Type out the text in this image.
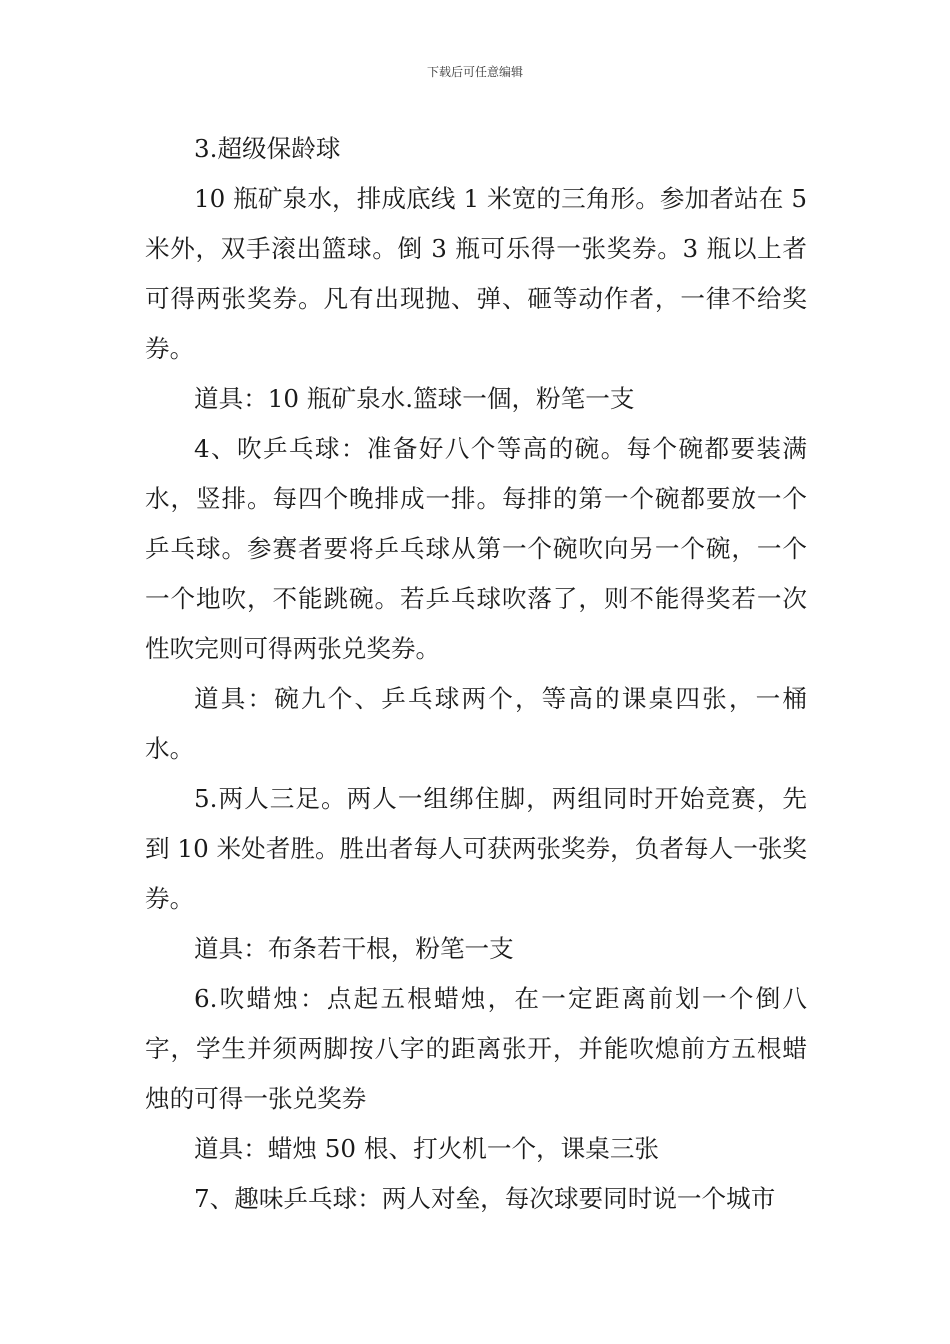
下载后可任意编辑

3.超级保龄球

10 瓶矿泉水，排成底线 1 米宽的三角形。参加者站在 5 米外，双手滚出篮球。倒 3 瓶可乐得一张奖券。3 瓶以上者可得两张奖券。凡有出现抛、弹、砸等动作者，一律不给奖券。

道具：10 瓶矿泉水.篮球一個，粉笔一支

4、吹乒乓球：准备好八个等高的碗。每个碗都要装满水，竖排。每四个晚排成一排。每排的第一个碗都要放一个乒乓球。参赛者要将乒乓球从第一个碗吹向另一个碗，一个一个地吹，不能跳碗。若乒乓球吹落了，则不能得奖若一次性吹完则可得两张兑奖券。

道具：碗九个、乒乓球两个，等高的课桌四张，一桶水。

5.两人三足。两人一组绑住脚，两组同时开始竞赛，先到 10 米处者胜。胜出者每人可获两张奖券，负者每人一张奖券。

道具：布条若干根，粉笔一支

6.吹蜡烛：点起五根蜡烛，在一定距离前划一个倒八字，学生并须两脚按八字的距离张开，并能吹熄前方五根蜡烛的可得一张兑奖券

道具：蜡烛 50 根、打火机一个，课桌三张

7、趣味乒乓球：两人对垒，每次球要同时说一个城市
